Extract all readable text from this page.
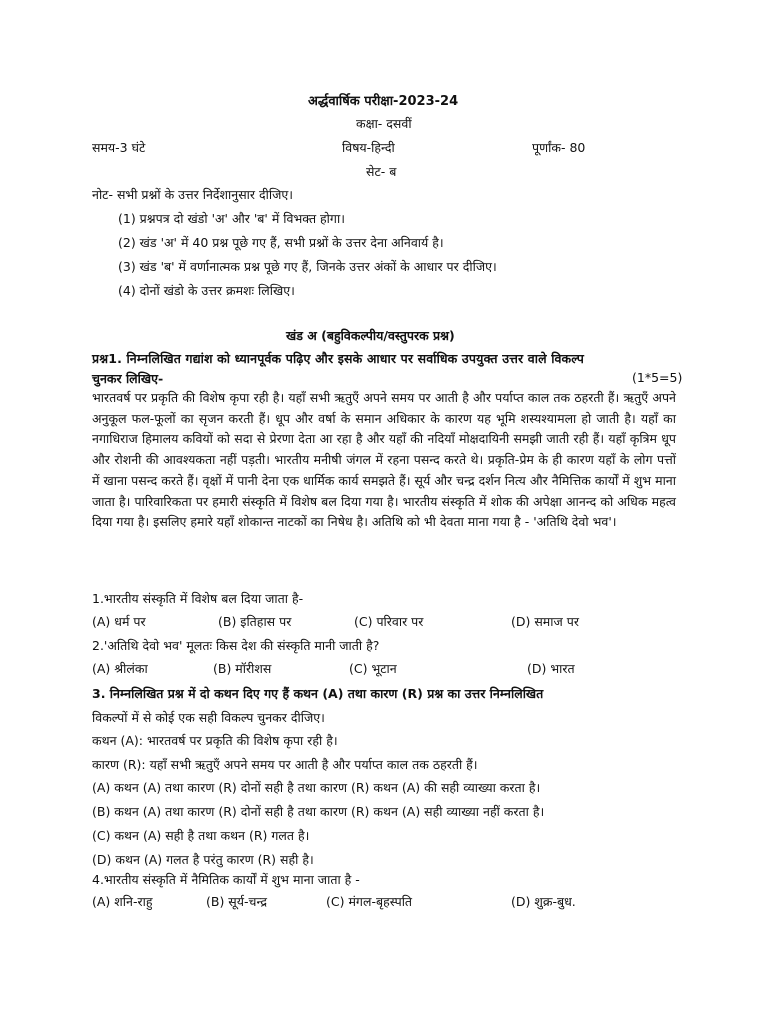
अर्द्धवार्षिक परीक्षा-2023-24
कक्षा- दसवीं
समय-3 घंटे	विषय-हिन्दी	पूर्णांक- 80
सेट- ब
नोट- सभी प्रश्नों के उत्तर निर्देशानुसार दीजिए।
(1) प्रश्नपत्र दो खंडो 'अ' और 'ब' में विभक्त होगा।
(2) खंड 'अ' में 40 प्रश्न पूछे गए हैं, सभी प्रश्नों के उत्तर देना अनिवार्य है।
(3) खंड 'ब' में वर्णानात्मक प्रश्न पूछे गए हैं, जिनके उत्तर अंकों के आधार पर दीजिए।
(4) दोनों खंडो के उत्तर क्रमशः लिखिए।
खंड अ (बहुविकल्पीय/वस्तुपरक प्रश्न)
प्रश्न1. निम्नलिखित गद्यांश को ध्यानपूर्वक पढ़िए और इसके आधार पर सर्वाधिक उपयुक्त उत्तर वाले विकल्प
चुनकर लिखिए-	(1*5=5)
भारतवर्ष पर प्रकृति की विशेष कृपा रही है। यहाँ सभी ऋतुएँ अपने समय पर आती है और पर्याप्त काल तक ठहरती हैं। ऋतुएँ अपने अनुकूल फल-फूलों का सृजन करती हैं। धूप और वर्षा के समान अधिकार के कारण यह भूमि शस्यश्यामला हो जाती है। यहाँ का नगाधिराज हिमालय कवियों को सदा से प्रेरणा देता आ रहा है और यहाँ की नदियाँ मोक्षदायिनी समझी जाती रही हैं। यहाँ कृत्रिम धूप और रोशनी की आवश्यकता नहीं पड़ती। भारतीय मनीषी जंगल में रहना पसन्द करते थे। प्रकृति-प्रेम के ही कारण यहाँ के लोग पत्तों में खाना पसन्द करते हैं। वृक्षों में पानी देना एक धार्मिक कार्य समझते हैं। सूर्य और चन्द्र दर्शन नित्य और नैमित्तिक कार्यों में शुभ माना जाता है। पारिवारिकता पर हमारी संस्कृति में विशेष बल दिया गया है। भारतीय संस्कृति में शोक की अपेक्षा आनन्द को अधिक महत्व दिया गया है। इसलिए हमारे यहाँ शोकान्त नाटकों का निषेध है। अतिथि को भी देवता माना गया है - 'अतिथि देवो भव'।
1.भारतीय संस्कृति में विशेष बल दिया जाता है-
(A) धर्म पर	(B) इतिहास पर	(C) परिवार पर	(D) समाज पर
2.'अतिथि देवो भव' मूलतः किस देश की संस्कृति मानी जाती है?
(A) श्रीलंका	(B) मॉरीशस	(C) भूटान	(D) भारत
3. निम्नलिखित प्रश्न में दो कथन दिए गए हैं कथन (A) तथा कारण (R) प्रश्न का उत्तर निम्नलिखित
विकल्पों में से कोई एक सही विकल्प चुनकर दीजिए।
कथन (A): भारतवर्ष पर प्रकृति की विशेष कृपा रही है।
कारण (R): यहाँ सभी ऋतुएँ अपने समय पर आती है और पर्याप्त काल तक ठहरती हैं।
(A) कथन (A) तथा कारण (R) दोनों सही है तथा कारण (R) कथन (A) की सही व्याख्या करता है।
(B) कथन (A) तथा कारण (R) दोनों सही है तथा कारण (R) कथन (A) सही व्याख्या नहीं करता है।
(C) कथन (A) सही है तथा कथन (R) गलत है।
(D) कथन (A) गलत है परंतु कारण (R) सही है।
4.भारतीय संस्कृति में नैमितिक कार्यों में शुभ माना जाता है -
(A) शनि-राहु	(B) सूर्य-चन्द्र	(C) मंगल-बृहस्पति	(D) शुक्र-बुध.
